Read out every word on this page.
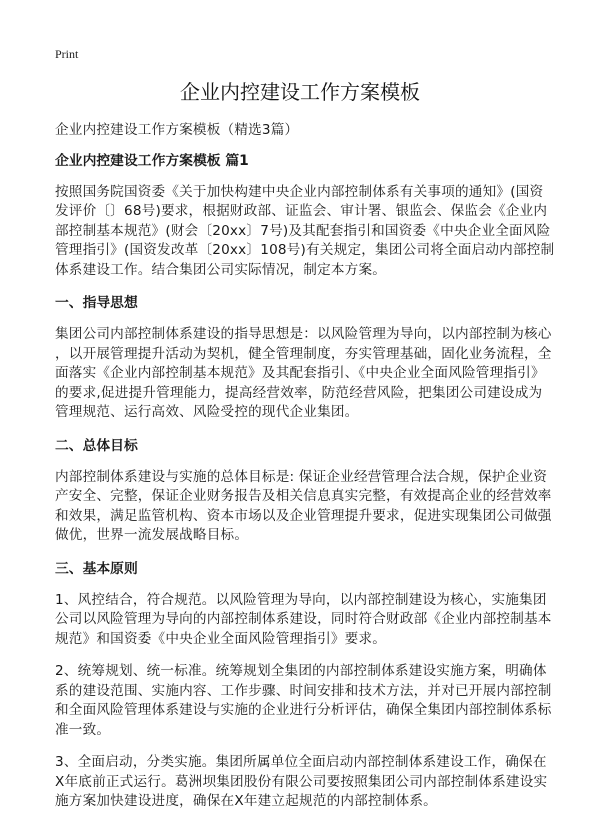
Print
企业内控建设工作方案模板
企业内控建设工作方案模板（精选3篇）
企业内控建设工作方案模板 篇1
按照国务院国资委《关于加快构建中央企业内部控制体系有关事项的通知》(国资
发评价〔〕68号)要求，根据财政部、证监会、审计署、银监会、保监会《企业内
部控制基本规范》(财会〔20xx〕7号)及其配套指引和国资委《中央企业全面风险
管理指引》(国资发改革〔20xx〕108号)有关规定，集团公司将全面启动内部控制
体系建设工作。结合集团公司实际情况，制定本方案。
一、指导思想
集团公司内部控制体系建设的指导思想是：以风险管理为导向，以内部控制为核心
，以开展管理提升活动为契机，健全管理制度，夯实管理基础，固化业务流程，全
面落实《企业内部控制基本规范》及其配套指引、《中央企业全面风险管理指引》
的要求,促进提升管理能力，提高经营效率，防范经营风险，把集团公司建设成为
管理规范、运行高效、风险受控的现代企业集团。
二、总体目标
内部控制体系建设与实施的总体目标是: 保证企业经营管理合法合规，保护企业资
产安全、完整，保证企业财务报告及相关信息真实完整，有效提高企业的经营效率
和效果，满足监管机构、资本市场以及企业管理提升要求，促进实现集团公司做强
做优，世界一流发展战略目标。
三、基本原则
1、风控结合，符合规范。以风险管理为导向，以内部控制建设为核心，实施集团
公司以风险管理为导向的内部控制体系建设，同时符合财政部《企业内部控制基本
规范》和国资委《中央企业全面风险管理指引》要求。
2、统筹规划、统一标准。统筹规划全集团的内部控制体系建设实施方案，明确体
系的建设范围、实施内容、工作步骤、时间安排和技术方法，并对已开展内部控制
和全面风险管理体系建设与实施的企业进行分析评估，确保全集团内部控制体系标
准一致。
3、全面启动，分类实施。集团所属单位全面启动内部控制体系建设工作，确保在
X年底前正式运行。葛洲坝集团股份有限公司要按照集团公司内部控制体系建设实
施方案加快建设进度，确保在X年建立起规范的内部控制体系。
